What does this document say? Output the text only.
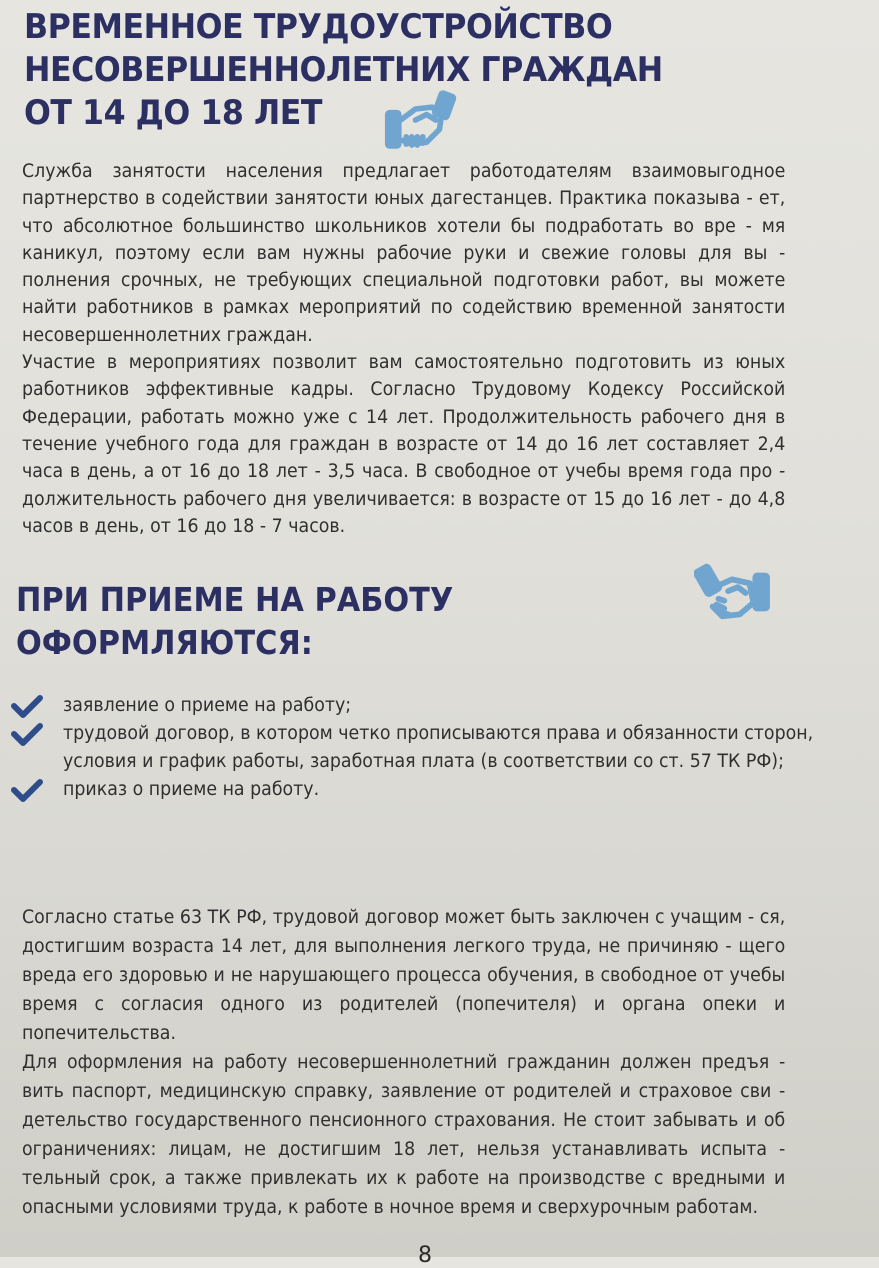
ВРЕМЕННОЕ ТРУДОУСТРОЙСТВО
НЕСОВЕРШЕННОЛЕТНИХ ГРАЖДАН
ОТ 14 ДО 18 ЛЕТ

Служба занятости населения предлагает работодателям взаимовыгодное партнерство в содействии занятости юных дагестанцев. Практика показыва - ет, что абсолютное большинство школьников хотели бы подработать во вре - мя каникул, поэтому если вам нужны рабочие руки и свежие головы для вы - полнения срочных, не требующих специальной подготовки работ, вы можете найти работников в рамках мероприятий по содействию временной занятости несовершеннолетних граждан.

Участие в мероприятиях позволит вам самостоятельно подготовить из юных работников эффективные кадры. Согласно Трудовому Кодексу Российской Федерации, работать можно уже с 14 лет. Продолжительность рабочего дня в течение учебного года для граждан в возрасте от 14 до 16 лет составляет 2,4 часа в день, а от 16 до 18 лет - 3,5 часа. В свободное от учебы время года про - должительность рабочего дня увеличивается: в возрасте от 15 до 16 лет - до 4,8 часов в день, от 16 до 18 - 7 часов.

ПРИ ПРИЕМЕ НА РАБОТУ
ОФОРМЛЯЮТСЯ:
заявление о приеме на работу;
трудовой договор, в котором четко прописываются права и обязанности сторон, условия и график работы, заработная плата (в соответствии со ст. 57 ТК РФ);
приказ о приеме на работу.

Согласно статье 63 ТК РФ, трудовой договор может быть заключен с учащим - ся, достигшим возраста 14 лет, для выполнения легкого труда, не причиняю - щего вреда его здоровью и не нарушающего процесса обучения, в свободное от учебы время с согласия одного из родителей (попечителя) и органа опеки и попечительства.

Для оформления на работу несовершеннолетний гражданин должен предъя - вить паспорт, медицинскую справку, заявление от родителей и страховое сви - детельство государственного пенсионного страхования. Не стоит забывать и об ограничениях: лицам, не достигшим 18 лет, нельзя устанавливать испыта - тельный срок, а также привлекать их к работе на производстве с вредными и опасными условиями труда, к работе в ночное время и сверхурочным работам.

8
